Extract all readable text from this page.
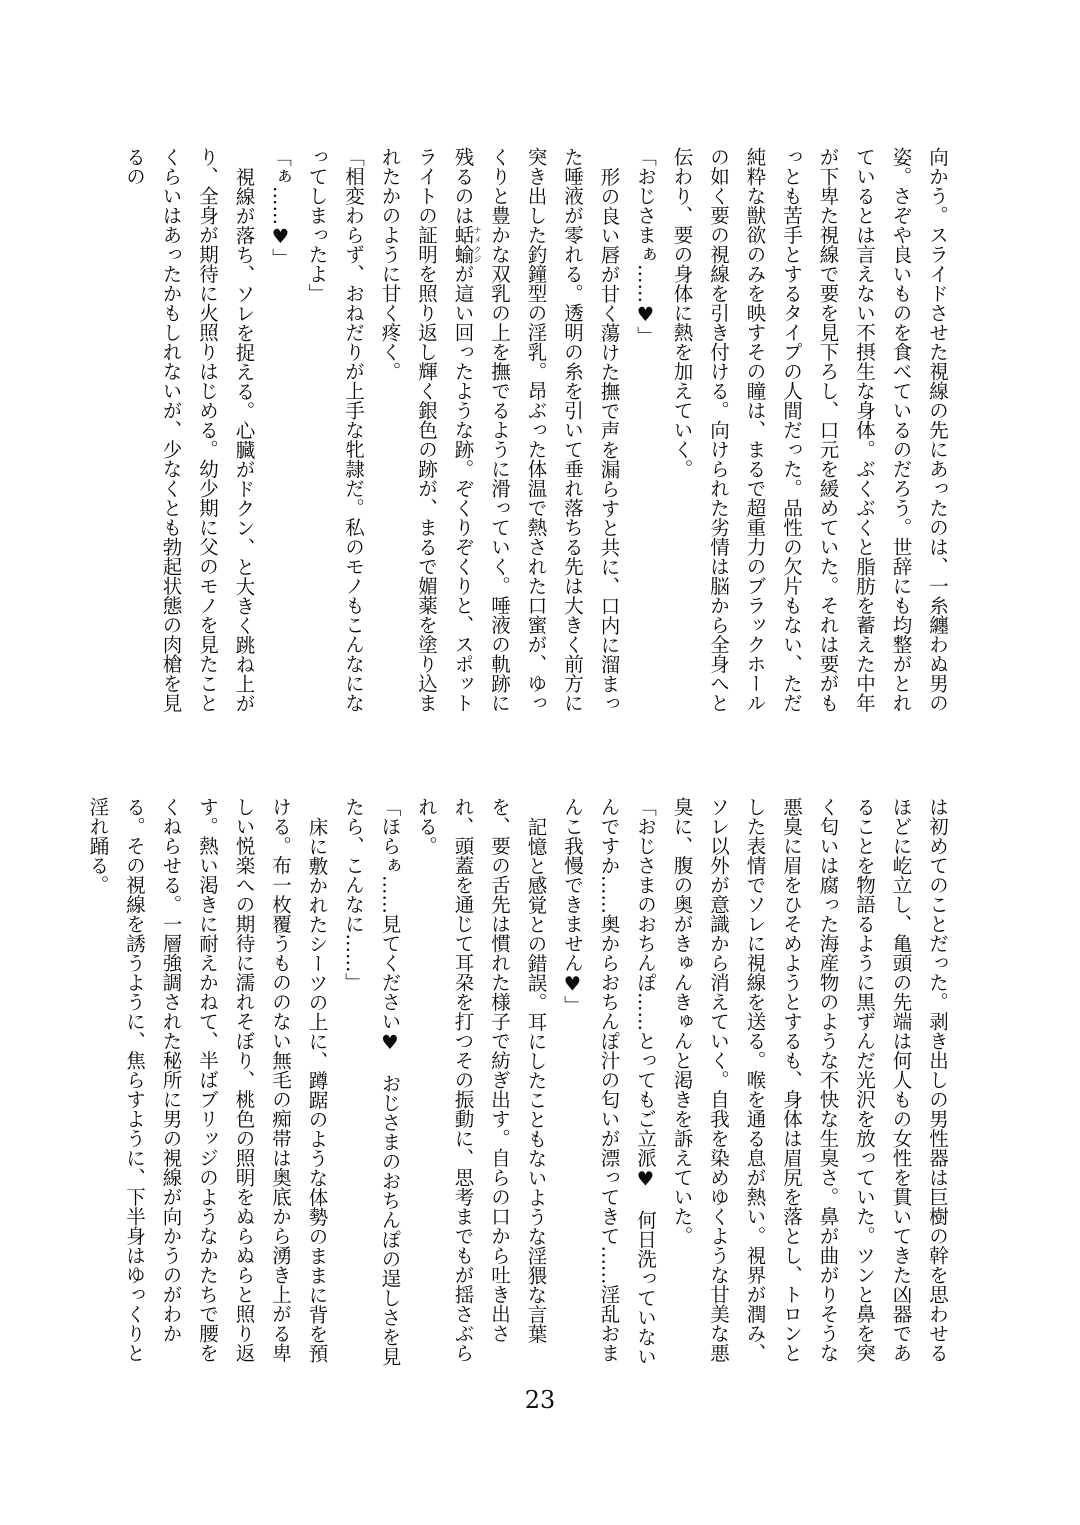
向かう。スライドさせた視線の先にあったのは、一糸纏わぬ男の姿。さぞや良いものを食べているのだろう。世辞にも均整がとれているとは言えない不摂生な身体。ぶくぶくと脂肪を蓄えた中年が下卑た視線で要を見下ろし、口元を緩めていた。それは要がもっとも苦手とするタイプの人間だった。品性の欠片もない、ただ純粋な獣欲のみを映すその瞳は、まるで超重力のブラックホールの如く要の視線を引き付ける。向けられた劣情は脳から全身へと伝わり、要の身体に熱を加えていく。

「おじさまぁ……♥」

形の良い唇が甘く蕩けた撫で声を漏らすと共に、口内に溜まった唾液が零れる。透明の糸を引いて垂れ落ちる先は大きく前方に突き出した釣鐘型の淫乳。昂ぶった体温で熱された口蜜が、ゆっくりと豊かな双乳の上を撫でるように滑っていく。唾液の軌跡に残るのは蛞蝓ナメクジが這い回ったような跡。ぞくりぞくりと、スポットライトの証明を照り返し輝く銀色の跡が、まるで媚薬を塗り込まれたかのように甘く疼く。

「相変わらず、おねだりが上手な牝隷だ。私のモノもこんなになってしまったよ」

「ぁ……♥」

視線が落ち、ソレを捉える。心臓がドクン、と大きく跳ね上がり、全身が期待に火照りはじめる。幼少期に父のモノを見たことくらいはあったかもしれないが、少なくとも勃起状態の肉槍を見るの

は初めてのことだった。剥き出しの男性器は巨樹の幹を思わせるほどに屹立し、亀頭の先端は何人もの女性を貫いてきた凶器であることを物語るように黒ずんだ光沢を放っていた。ツンと鼻を突く匂いは腐った海産物のような不快な生臭さ。鼻が曲がりそうな悪臭に眉をひそめようとするも、身体は眉尻を落とし、トロンとした表情でソレに視線を送る。喉を通る息が熱い。視界が潤み、ソレ以外が意識から消えていく。自我を染めゆくような甘美な悪臭に、腹の奥がきゅんきゅんと渇きを訴えていた。

「おじさまのおちんぽ……とってもご立派♥　何日洗っていないんですか……奥からおちんぽ汁の匂いが漂ってきて……淫乱おまんこ我慢できません♥」

記憶と感覚との錯誤。耳にしたこともないような淫猥な言葉を、要の舌先は慣れた様子で紡ぎ出す。自らの口から吐き出され、頭蓋を通じて耳朶を打つその振動に、思考までもが揺さぶられる。

「ほらぁ……見てください♥　おじさまのおちんぽの逞しさを見たら、こんなに……」

床に敷かれたシーツの上に、蹲踞のような体勢のままに背を預ける。布一枚覆うもののない無毛の痴帯は奥底から湧き上がる卑しい悦楽への期待に濡れそぼり、桃色の照明をぬらぬらと照り返す。熱い渇きに耐えかねて、半ばブリッジのようなかたちで腰をくねらせる。一層強調された秘所に男の視線が向かうのがわかる。その視線を誘うように、焦らすように、下半身はゆっくりと淫れ踊る。

23
